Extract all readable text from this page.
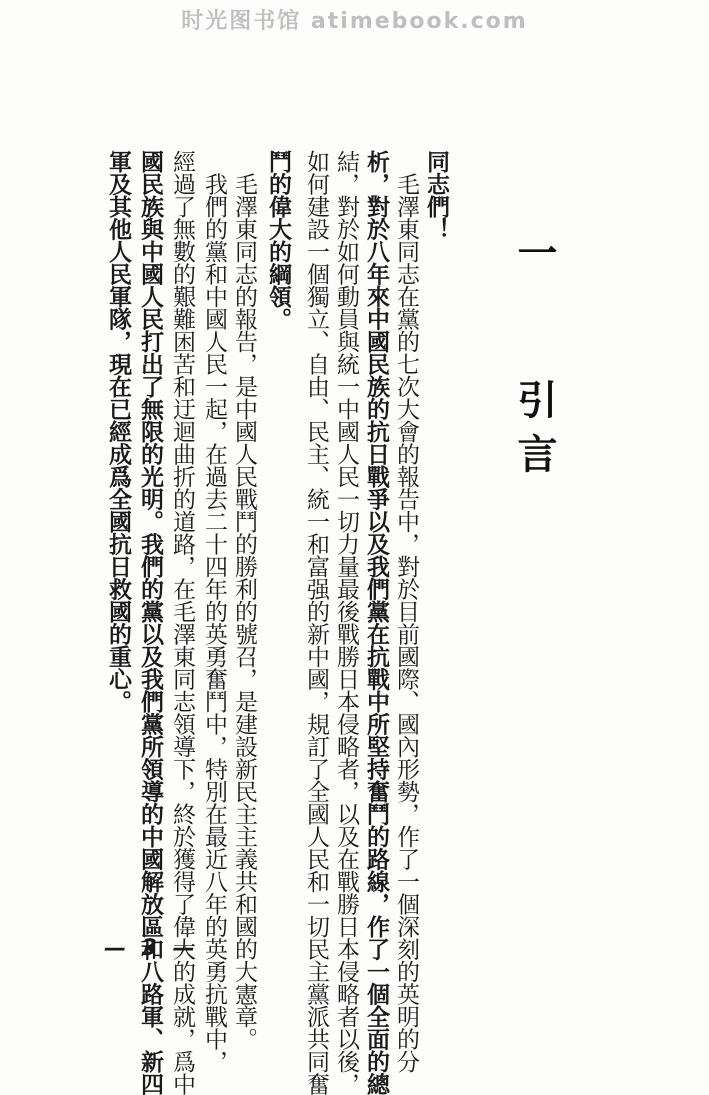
时光图书馆 atimebook.com
一 引言
同志們！
　毛澤東同志在黨的七次大會的報告中，對於目前國際、國內形勢，作了一個深刻的英明的分
析，對於八年來中國民族的抗日戰爭以及我們黨在抗戰中所堅持奮鬥的路線，作了一個全面的總
結，對於如何動員與統一中國人民一切力量最後戰勝日本侵略者，以及在戰勝日本侵略者以後，
如何建設一個獨立、自由、民主、統一和富强的新中國，規訂了全國人民和一切民主黨派共同奮
鬥的偉大的綱領。
　毛澤東同志的報告，是中國人民戰鬥的勝利的號召，是建設新民主主義共和國的大憲章。
　我們的黨和中國人民一起，在過去二十四年的英勇奮鬥中，特別在最近八年的英勇抗戰中，
經過了無數的艱難困苦和迂迴曲折的道路，在毛澤東同志領導下，終於獲得了偉大的成就，爲中
國民族與中國人民打出了無限的光明。我們的黨以及我們黨所領導的中國解放區和八路軍、新四
軍及其他人民軍隊，現在已經成爲全國抗日救國的重心。
— 3 —
